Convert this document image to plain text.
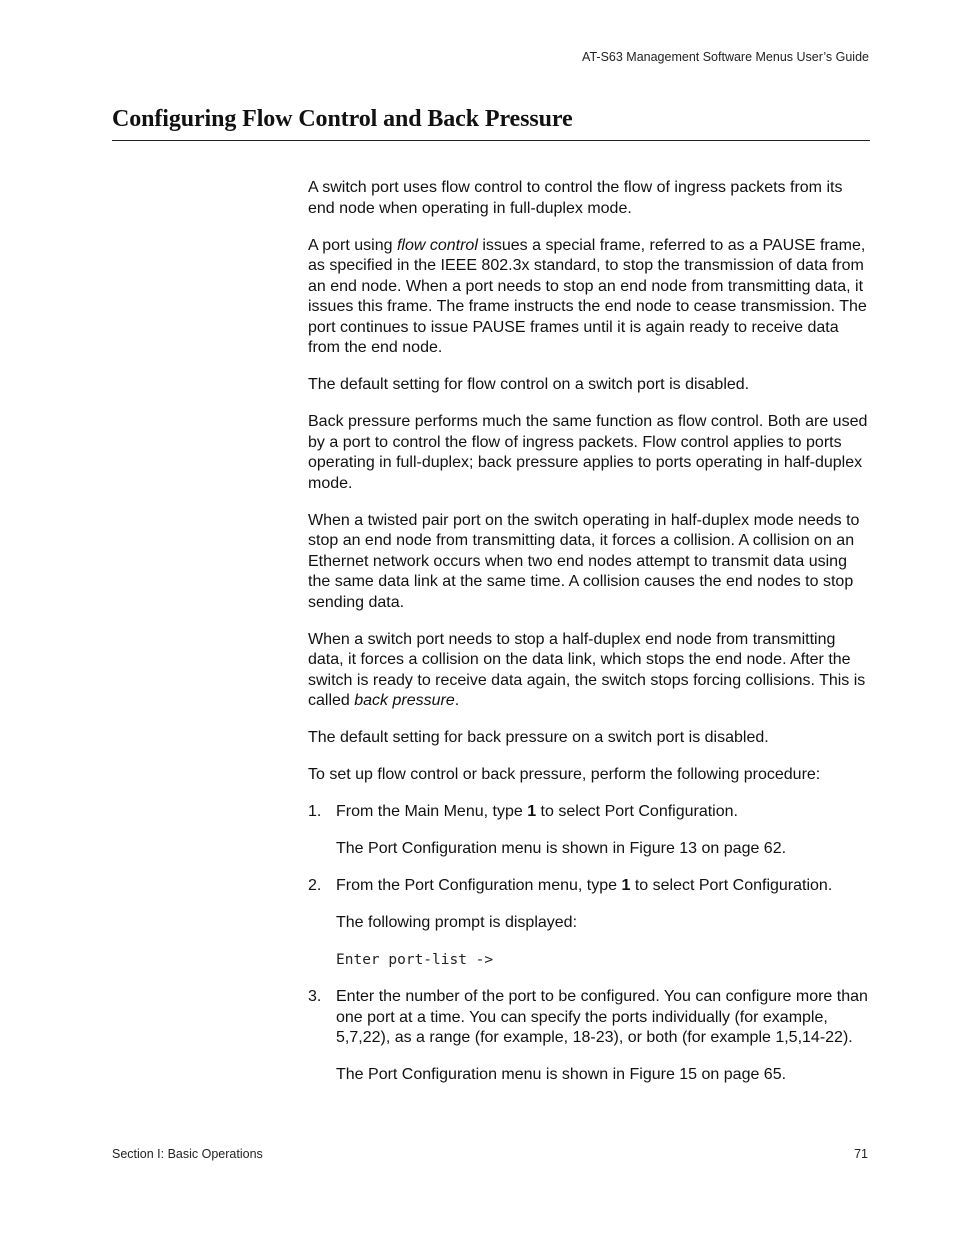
AT-S63 Management Software Menus User’s Guide
Configuring Flow Control and Back Pressure

A switch port uses flow control to control the flow of ingress packets from its end node when operating in full-duplex mode.

A port using flow control issues a special frame, referred to as a PAUSE frame, as specified in the IEEE 802.3x standard, to stop the transmission of data from an end node. When a port needs to stop an end node from transmitting data, it issues this frame. The frame instructs the end node to cease transmission. The port continues to issue PAUSE frames until it is again ready to receive data from the end node.

The default setting for flow control on a switch port is disabled.

Back pressure performs much the same function as flow control. Both are used by a port to control the flow of ingress packets. Flow control applies to ports operating in full-duplex; back pressure applies to ports operating in half-duplex mode.

When a twisted pair port on the switch operating in half-duplex mode needs to stop an end node from transmitting data, it forces a collision. A collision on an Ethernet network occurs when two end nodes attempt to transmit data using the same data link at the same time. A collision causes the end nodes to stop sending data.

When a switch port needs to stop a half-duplex end node from transmitting data, it forces a collision on the data link, which stops the end node. After the switch is ready to receive data again, the switch stops forcing collisions. This is called back pressure.

The default setting for back pressure on a switch port is disabled.

To set up flow control or back pressure, perform the following procedure:

1. From the Main Menu, type 1 to select Port Configuration.

The Port Configuration menu is shown in Figure 13 on page 62.

2. From the Port Configuration menu, type 1 to select Port Configuration.

The following prompt is displayed:

Enter port-list ->

3. Enter the number of the port to be configured. You can configure more than one port at a time. You can specify the ports individually (for example, 5,7,22), as a range (for example, 18-23), or both (for example 1,5,14-22).

The Port Configuration menu is shown in Figure 15 on page 65.

Section I: Basic Operations	71
